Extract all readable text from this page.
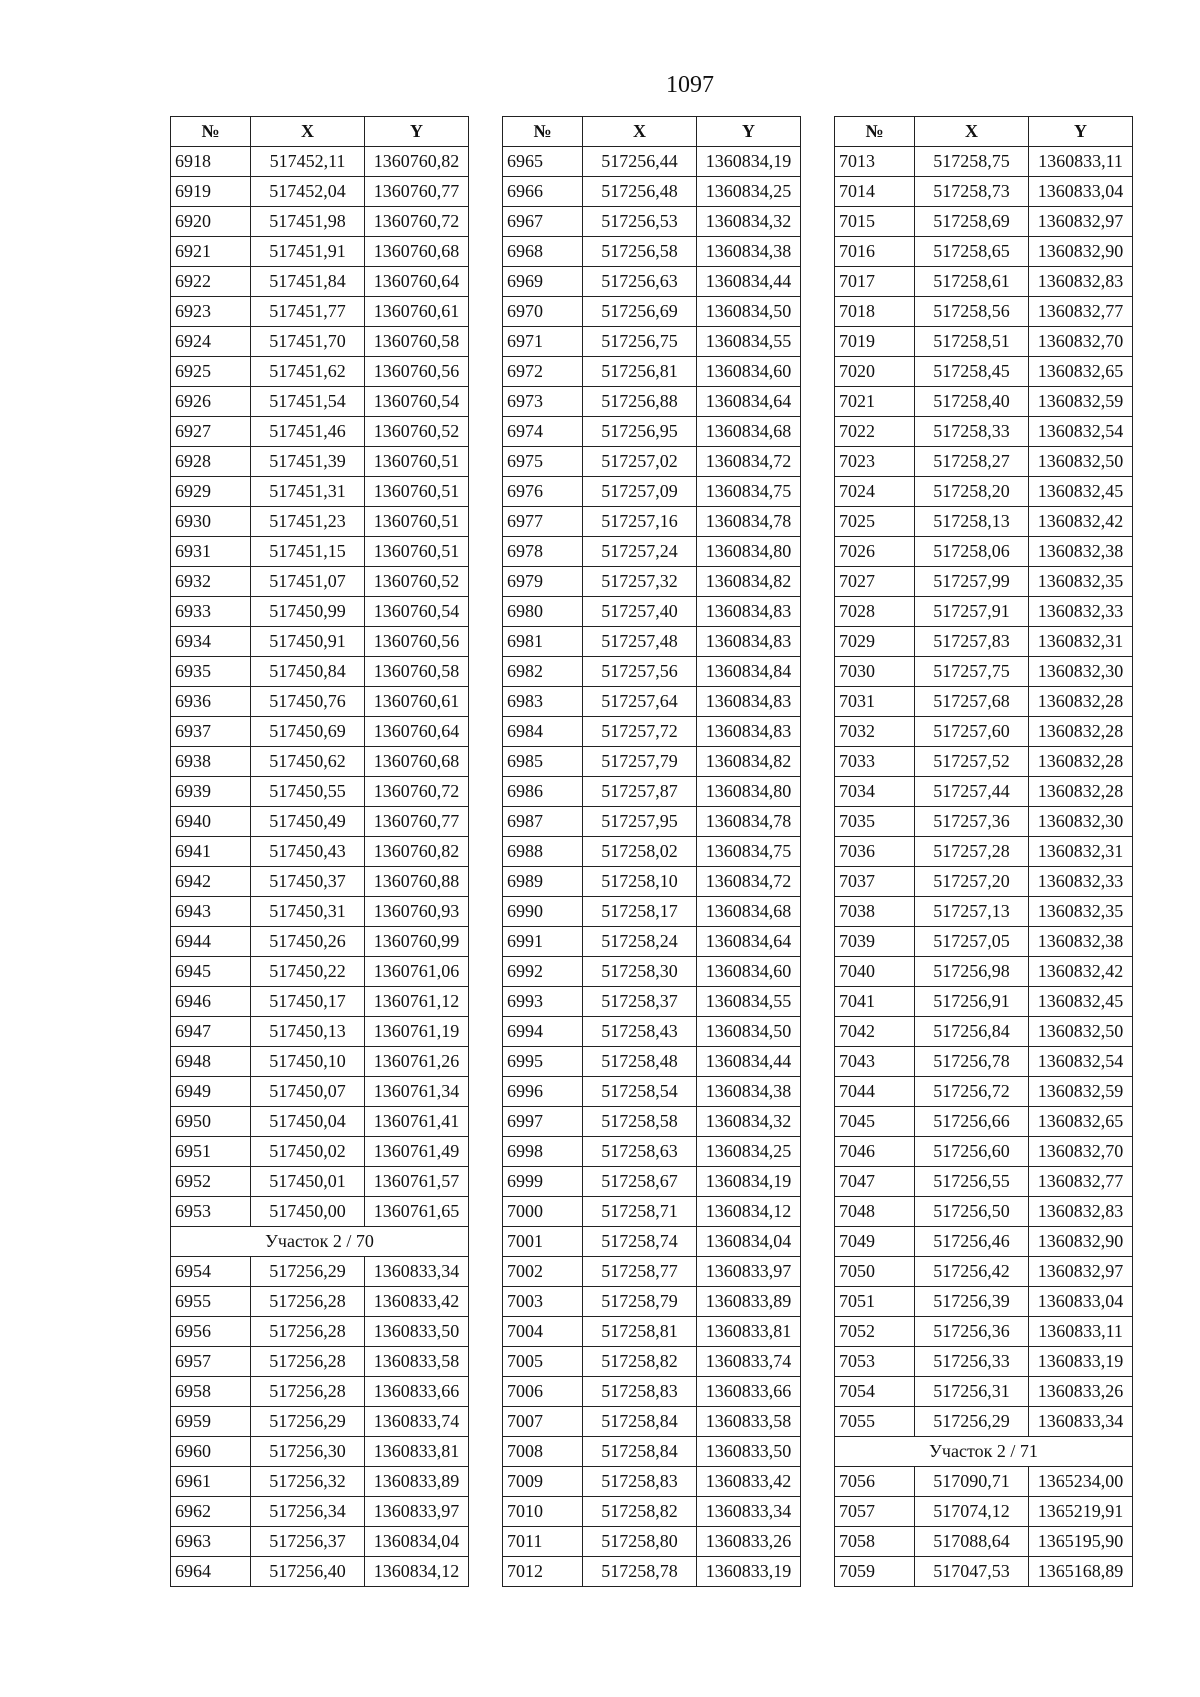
1097
№	X	Y
6918	517452,11	1360760,82
6919	517452,04	1360760,77
6920	517451,98	1360760,72
6921	517451,91	1360760,68
6922	517451,84	1360760,64
6923	517451,77	1360760,61
6924	517451,70	1360760,58
6925	517451,62	1360760,56
6926	517451,54	1360760,54
6927	517451,46	1360760,52
6928	517451,39	1360760,51
6929	517451,31	1360760,51
6930	517451,23	1360760,51
6931	517451,15	1360760,51
6932	517451,07	1360760,52
6933	517450,99	1360760,54
6934	517450,91	1360760,56
6935	517450,84	1360760,58
6936	517450,76	1360760,61
6937	517450,69	1360760,64
6938	517450,62	1360760,68
6939	517450,55	1360760,72
6940	517450,49	1360760,77
6941	517450,43	1360760,82
6942	517450,37	1360760,88
6943	517450,31	1360760,93
6944	517450,26	1360760,99
6945	517450,22	1360761,06
6946	517450,17	1360761,12
6947	517450,13	1360761,19
6948	517450,10	1360761,26
6949	517450,07	1360761,34
6950	517450,04	1360761,41
6951	517450,02	1360761,49
6952	517450,01	1360761,57
6953	517450,00	1360761,65
Участок 2 / 70		
6954	517256,29	1360833,34
6955	517256,28	1360833,42
6956	517256,28	1360833,50
6957	517256,28	1360833,58
6958	517256,28	1360833,66
6959	517256,29	1360833,74
6960	517256,30	1360833,81
6961	517256,32	1360833,89
6962	517256,34	1360833,97
6963	517256,37	1360834,04
6964	517256,40	1360834,12
№	X	Y
6965	517256,44	1360834,19
6966	517256,48	1360834,25
6967	517256,53	1360834,32
6968	517256,58	1360834,38
6969	517256,63	1360834,44
6970	517256,69	1360834,50
6971	517256,75	1360834,55
6972	517256,81	1360834,60
6973	517256,88	1360834,64
6974	517256,95	1360834,68
6975	517257,02	1360834,72
6976	517257,09	1360834,75
6977	517257,16	1360834,78
6978	517257,24	1360834,80
6979	517257,32	1360834,82
6980	517257,40	1360834,83
6981	517257,48	1360834,83
6982	517257,56	1360834,84
6983	517257,64	1360834,83
6984	517257,72	1360834,83
6985	517257,79	1360834,82
6986	517257,87	1360834,80
6987	517257,95	1360834,78
6988	517258,02	1360834,75
6989	517258,10	1360834,72
6990	517258,17	1360834,68
6991	517258,24	1360834,64
6992	517258,30	1360834,60
6993	517258,37	1360834,55
6994	517258,43	1360834,50
6995	517258,48	1360834,44
6996	517258,54	1360834,38
6997	517258,58	1360834,32
6998	517258,63	1360834,25
6999	517258,67	1360834,19
7000	517258,71	1360834,12
7001	517258,74	1360834,04
7002	517258,77	1360833,97
7003	517258,79	1360833,89
7004	517258,81	1360833,81
7005	517258,82	1360833,74
7006	517258,83	1360833,66
7007	517258,84	1360833,58
7008	517258,84	1360833,50
7009	517258,83	1360833,42
7010	517258,82	1360833,34
7011	517258,80	1360833,26
7012	517258,78	1360833,19
№	X	Y
7013	517258,75	1360833,11
7014	517258,73	1360833,04
7015	517258,69	1360832,97
7016	517258,65	1360832,90
7017	517258,61	1360832,83
7018	517258,56	1360832,77
7019	517258,51	1360832,70
7020	517258,45	1360832,65
7021	517258,40	1360832,59
7022	517258,33	1360832,54
7023	517258,27	1360832,50
7024	517258,20	1360832,45
7025	517258,13	1360832,42
7026	517258,06	1360832,38
7027	517257,99	1360832,35
7028	517257,91	1360832,33
7029	517257,83	1360832,31
7030	517257,75	1360832,30
7031	517257,68	1360832,28
7032	517257,60	1360832,28
7033	517257,52	1360832,28
7034	517257,44	1360832,28
7035	517257,36	1360832,30
7036	517257,28	1360832,31
7037	517257,20	1360832,33
7038	517257,13	1360832,35
7039	517257,05	1360832,38
7040	517256,98	1360832,42
7041	517256,91	1360832,45
7042	517256,84	1360832,50
7043	517256,78	1360832,54
7044	517256,72	1360832,59
7045	517256,66	1360832,65
7046	517256,60	1360832,70
7047	517256,55	1360832,77
7048	517256,50	1360832,83
7049	517256,46	1360832,90
7050	517256,42	1360832,97
7051	517256,39	1360833,04
7052	517256,36	1360833,11
7053	517256,33	1360833,19
7054	517256,31	1360833,26
7055	517256,29	1360833,34
Участок 2 / 71		
7056	517090,71	1365234,00
7057	517074,12	1365219,91
7058	517088,64	1365195,90
7059	517047,53	1365168,89
